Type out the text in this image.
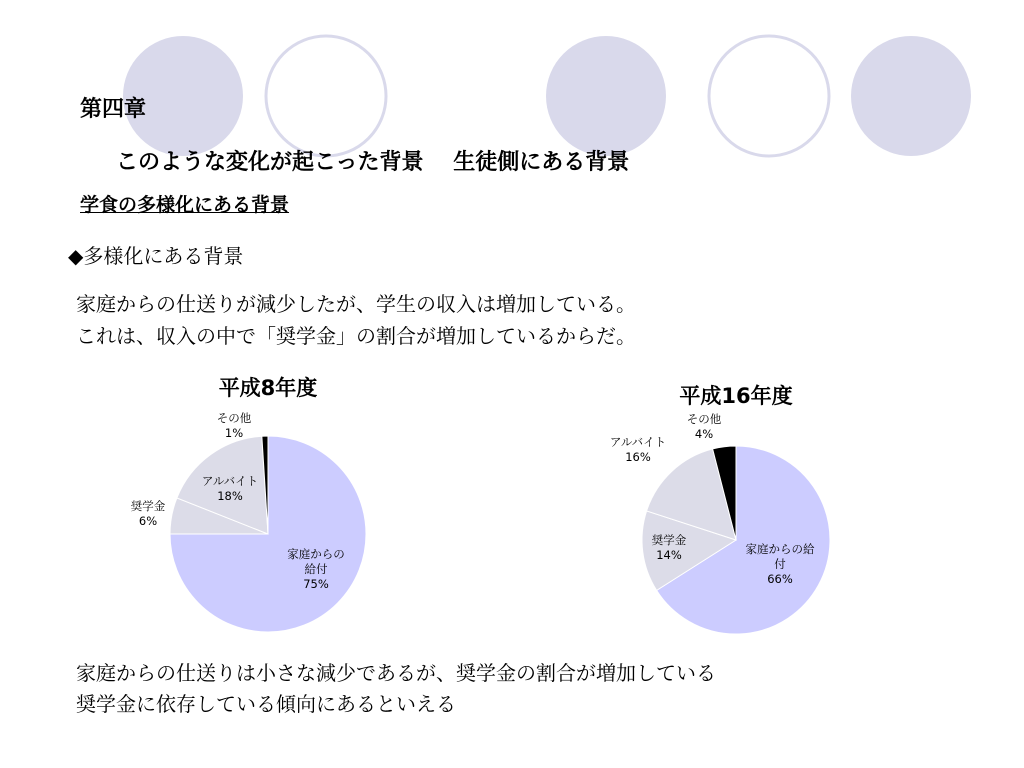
第四章
このような変化が起こった背景　 生徒側にある背景
学食の多様化にある背景
◆多様化にある背景
家庭からの仕送りが減少したが、学生の収入は増加している。
これは、収入の中で「奨学金」の割合が増加しているからだ。
平成8年度
家庭からの給付 75%
奨学金 6%
アルバイト 18%
その他 1%
平成16年度
家庭からの給付 66%
奨学金 14%
アルバイト 16%
その他 4%
家庭からの仕送りは小さな減少であるが、奨学金の割合が増加している
奨学金に依存している傾向にあるといえる
